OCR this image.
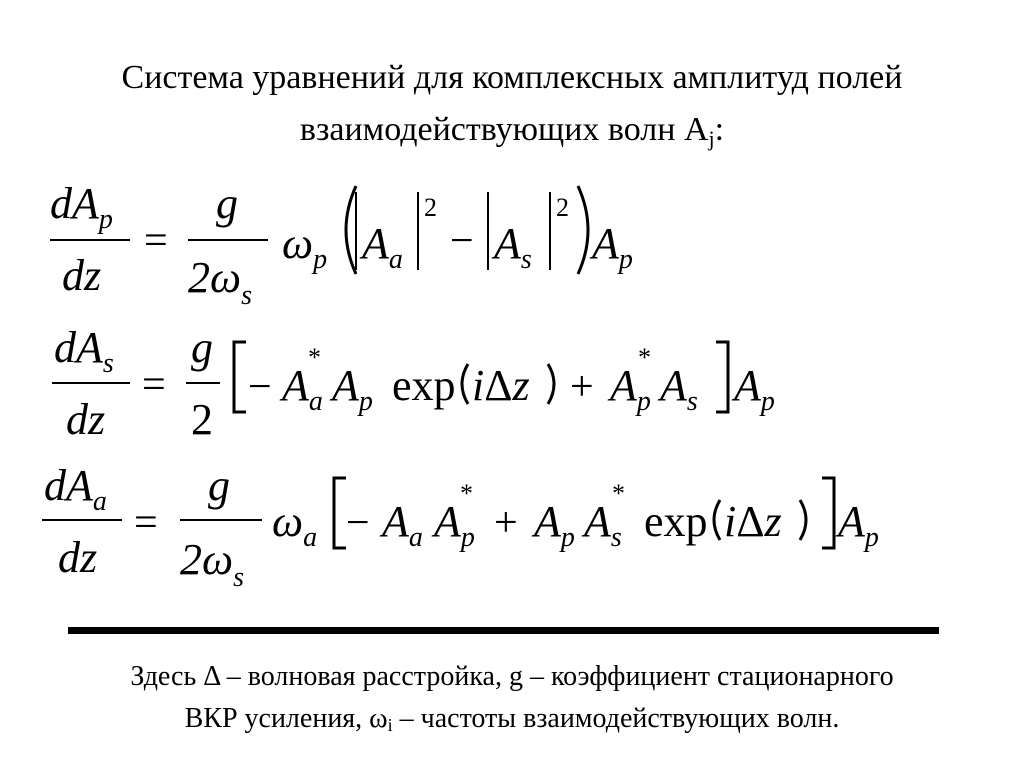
Система уравнений для комплексных амплитуд полей
взаимодействующих волн $A_j$:
$dA_p$
dz
=
g
$2\omega_s$
$\omega_p$ $A_a$
2
− $A_s$
2
$A_p$
$dA_s$
dz
=
g
2
− $A_a$
*
$A_p$ $\exp i\Delta z + A_p$
*
$A_s$ $A_p$
$dA_a$
dz
=
g
$2\omega_s$
$\omega_a - A_a$ $A_p$
*
+ $A_p$ $A_s$
*
exp iΔz $A_p$
Здесь Δ – волновая расстройка, g – коэффициент стационарного
ВКР усиления, $\omega_i$ – частоты взаимодействующих волн.
